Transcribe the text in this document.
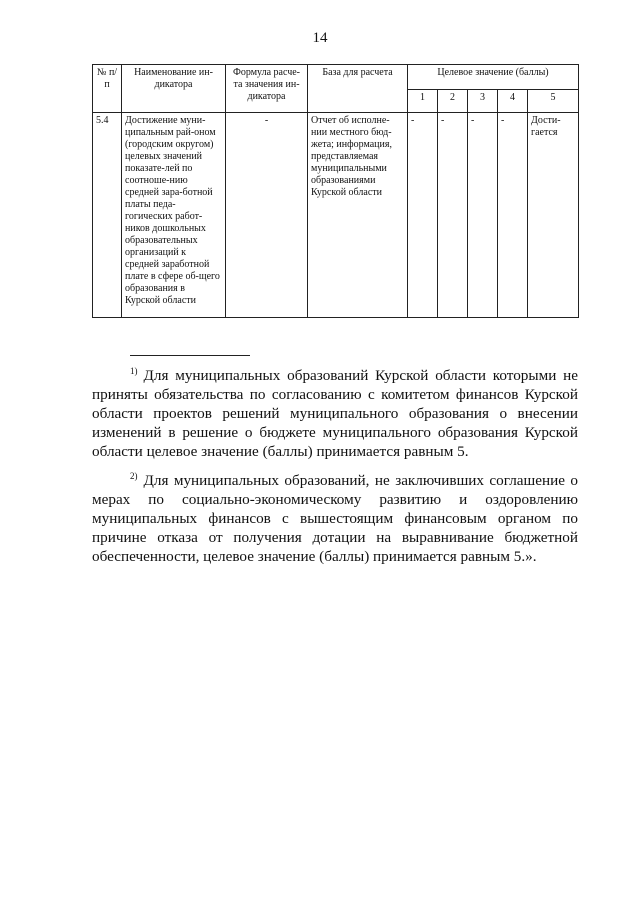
14
№ п/п	Наименование ин-дикатора	Формула расче-та значения ин-дикатора	База для расчета	Целевое значение (баллы)				
				1	2	3	4	5
5.4	Достижение муни-ципальным рай-оном (городским округом) целевых значений показате-лей по соотноше-нию средней зара-ботной платы педа-гогических работ-ников дошкольных образовательных организаций к средней заработной плате в сфере об-щего образования в Курской области	-	Отчет об исполне-нии местного бюд-жета; информация, представляемая муниципальными образованиями Курской области	-	-	-	-	Дости-гается

$^{1)}$ Для муниципальных образований Курской области которыми не приняты обязательства по согласованию с комитетом финансов Курской области проектов решений муниципального образования о внесении изменений в решение о бюджете муниципального образования Курской области целевое значение (баллы) принимается равным 5.

$^{2)}$ Для муниципальных образований, не заключивших соглашение о мерах по социально-экономическому развитию и оздоровлению муниципальных финансов с вышестоящим финансовым органом по причине отказа от получения дотации на выравнивание бюджетной обеспеченности, целевое значение (баллы) принимается равным 5.».
